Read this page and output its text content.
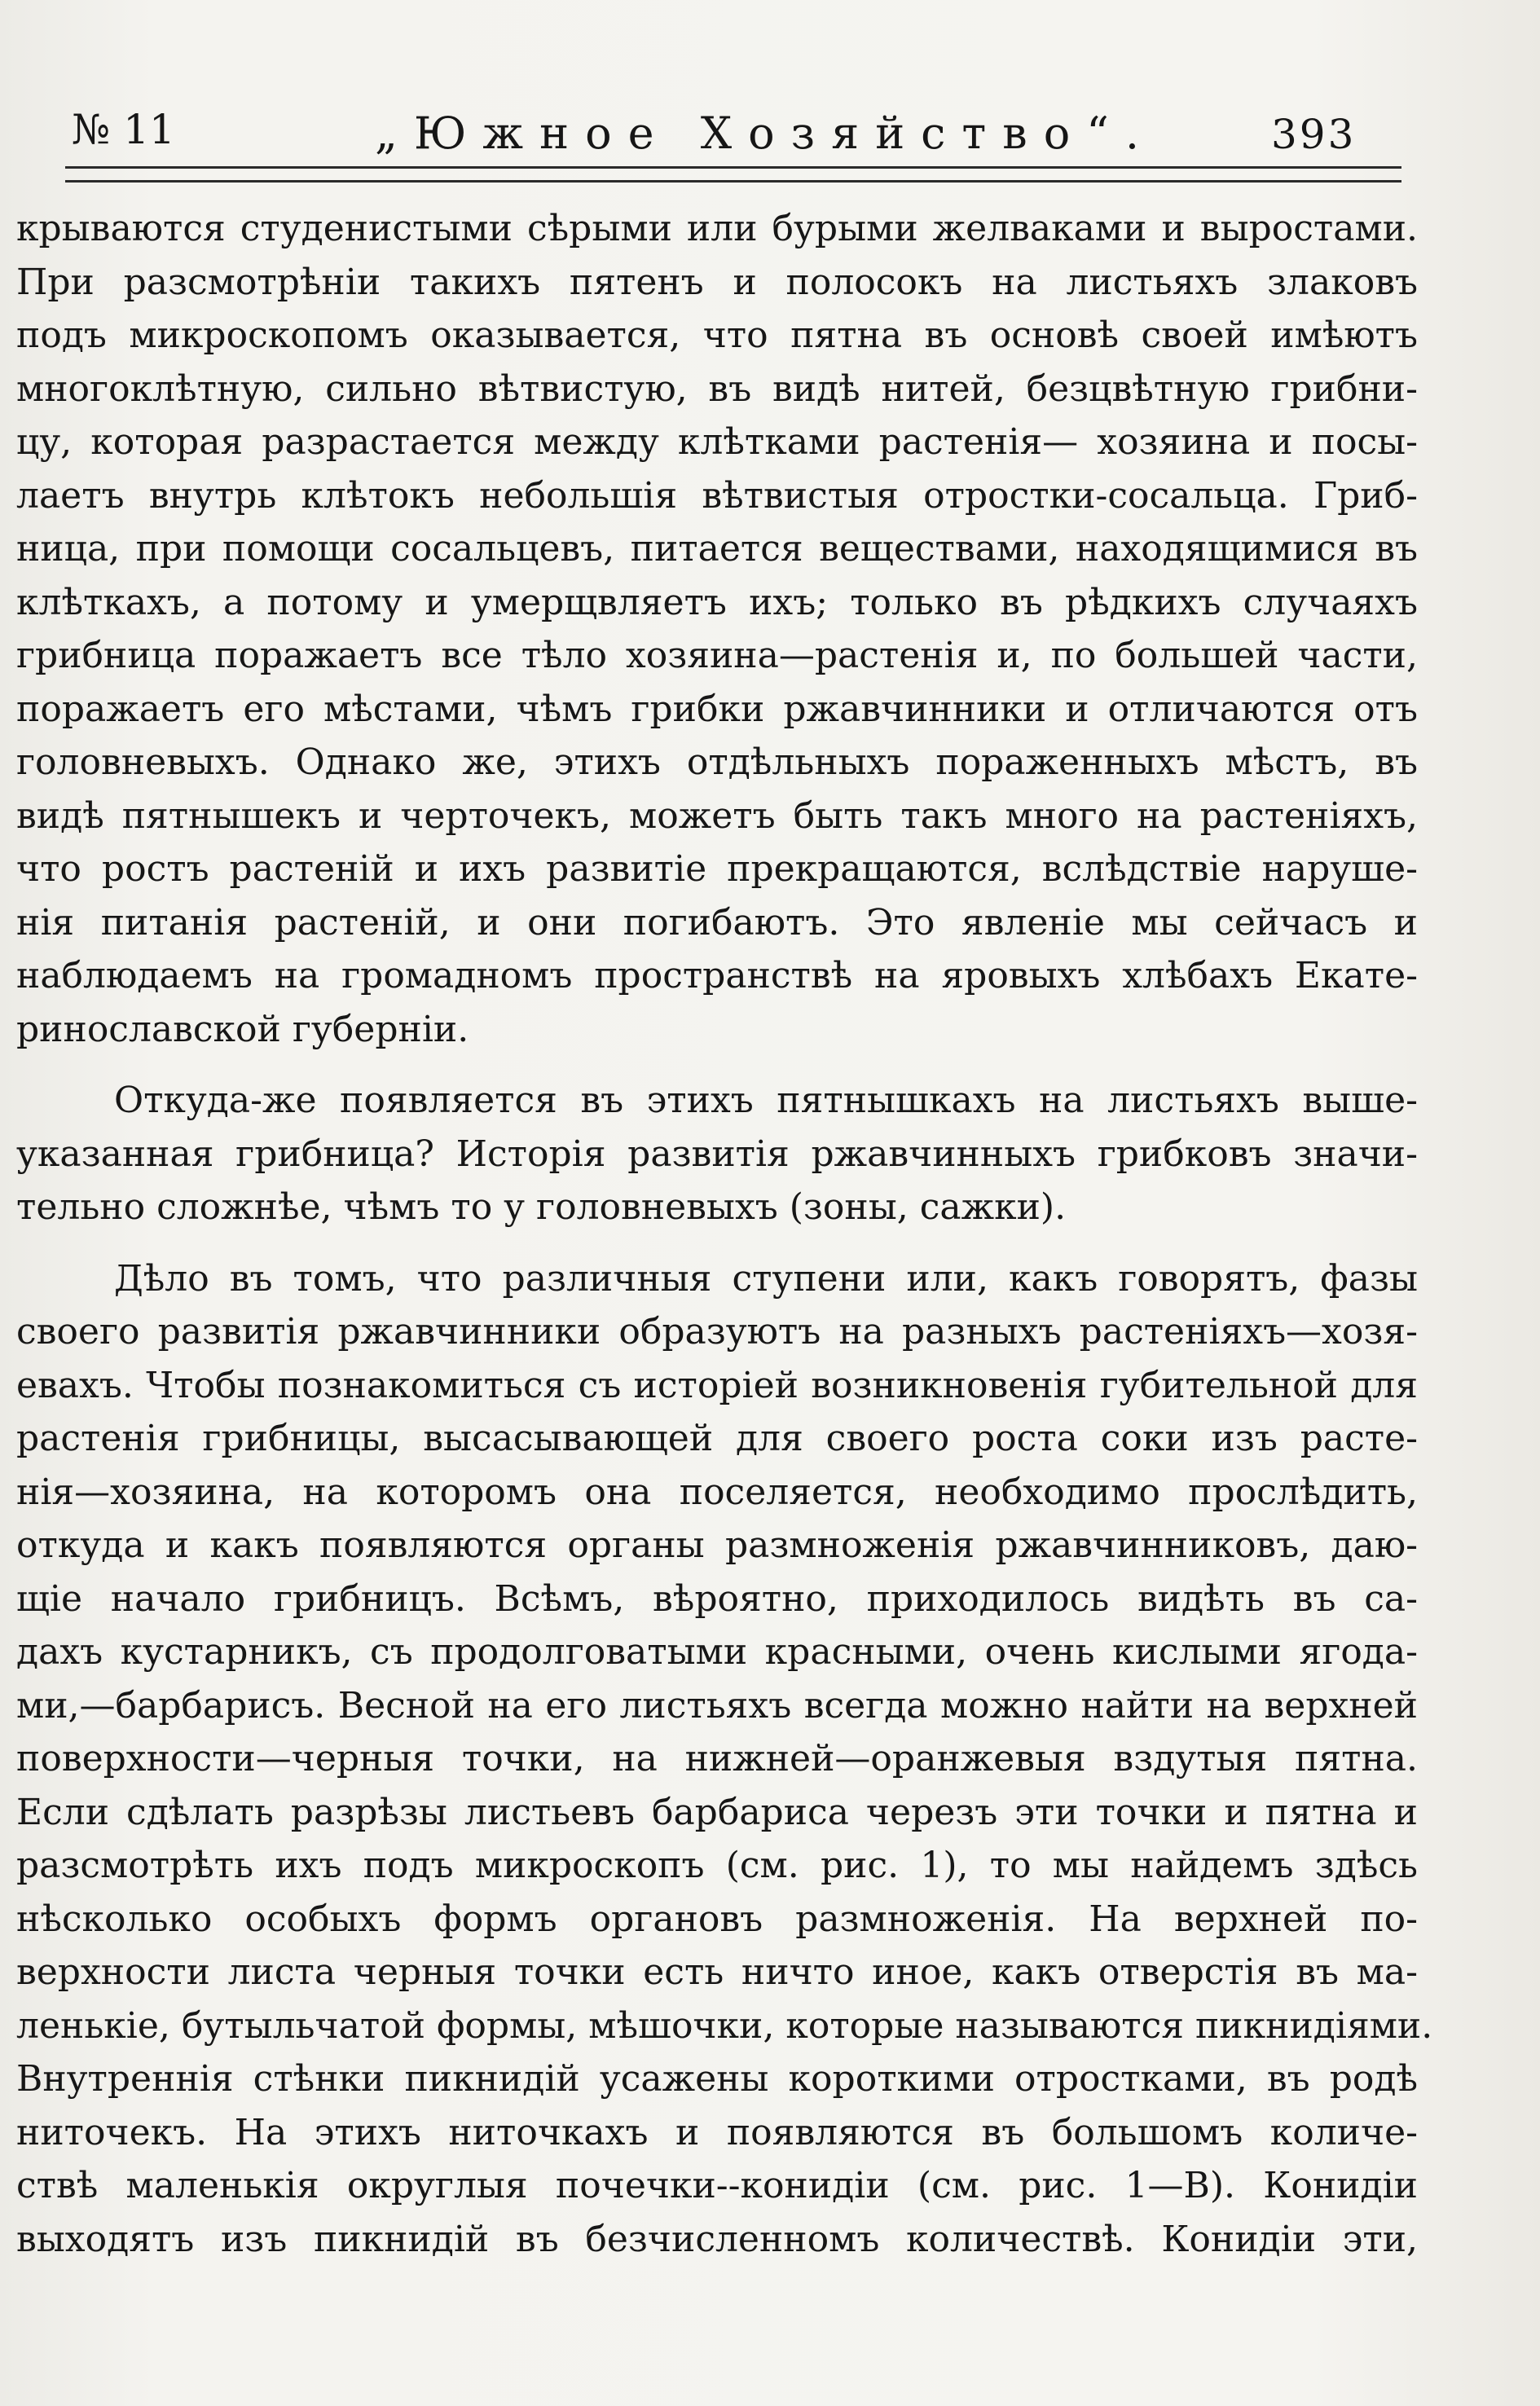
№ 11	„Южное Хозяйство“.	393
крываются студенистыми сѣрыми или бурыми желваками и выростами.
При разсмотрѣніи такихъ пятенъ и полосокъ на листьяхъ злаковъ
подъ микроскопомъ оказывается, что пятна въ основѣ своей имѣютъ
многоклѣтную, сильно вѣтвистую, въ видѣ нитей, безцвѣтную грибни-
цу, которая разрастается между клѣтками растенія— хозяина и посы-
лаетъ внутрь клѣтокъ небольшія вѣтвистыя отростки-сосальца. Гриб-
ница, при помощи сосальцевъ, питается веществами, находящимися въ
клѣткахъ, а потому и умерщвляетъ ихъ; только въ рѣдкихъ случаяхъ
грибница поражаетъ все тѣло хозяина—растенія и, по большей части,
поражаетъ его мѣстами, чѣмъ грибки ржавчинники и отличаются отъ
головневыхъ. Однако же, этихъ отдѣльныхъ пораженныхъ мѣстъ, въ
видѣ пятнышекъ и черточекъ, можетъ быть такъ много на растеніяхъ,
что ростъ растеній и ихъ развитіе прекращаются, вслѣдствіе наруше-
нія питанія растеній, и они погибаютъ. Это явленіе мы сейчасъ и
наблюдаемъ на громадномъ пространствѣ на яровыхъ хлѣбахъ Екате-
ринославской губерніи.
Откуда-же появляется въ этихъ пятнышкахъ на листьяхъ выше-
указанная грибница? Исторія развитія ржавчинныхъ грибковъ значи-
тельно сложнѣе, чѣмъ то у головневыхъ (зоны, сажки).
Дѣло въ томъ, что различныя ступени или, какъ говорятъ, фазы
своего развитія ржавчинники образуютъ на разныхъ растеніяхъ—хозя-
евахъ. Чтобы познакомиться съ исторіей возникновенія губительной для
растенія грибницы, высасывающей для своего роста соки изъ расте-
нія—хозяина, на которомъ она поселяется, необходимо прослѣдить,
откуда и какъ появляются органы размноженія ржавчинниковъ, даю-
щіе начало грибницъ. Всѣмъ, вѣроятно, приходилось видѣть въ са-
дахъ кустарникъ, съ продолговатыми красными, очень кислыми ягода-
ми,—барбарисъ. Весной на его листьяхъ всегда можно найти на верхней
поверхности—черныя точки, на нижней—оранжевыя вздутыя пятна.
Если сдѣлать разрѣзы листьевъ барбариса черезъ эти точки и пятна и
разсмотрѣть ихъ подъ микроскопъ (см. рис. 1), то мы найдемъ здѣсь
нѣсколько особыхъ формъ органовъ размноженія. На верхней по-
верхности листа черныя точки есть ничто иное, какъ отверстія въ ма-
ленькіе, бутыльчатой формы, мѣшочки, которые называются пикнидіями.
Внутреннія стѣнки пикнидій усажены короткими отростками, въ родѣ
ниточекъ. На этихъ ниточкахъ и появляются въ большомъ количе-
ствѣ маленькія округлыя почечки--конидіи (см. рис. 1—В). Конидіи
выходятъ изъ пикнидій въ безчисленномъ количествѣ. Конидіи эти,
